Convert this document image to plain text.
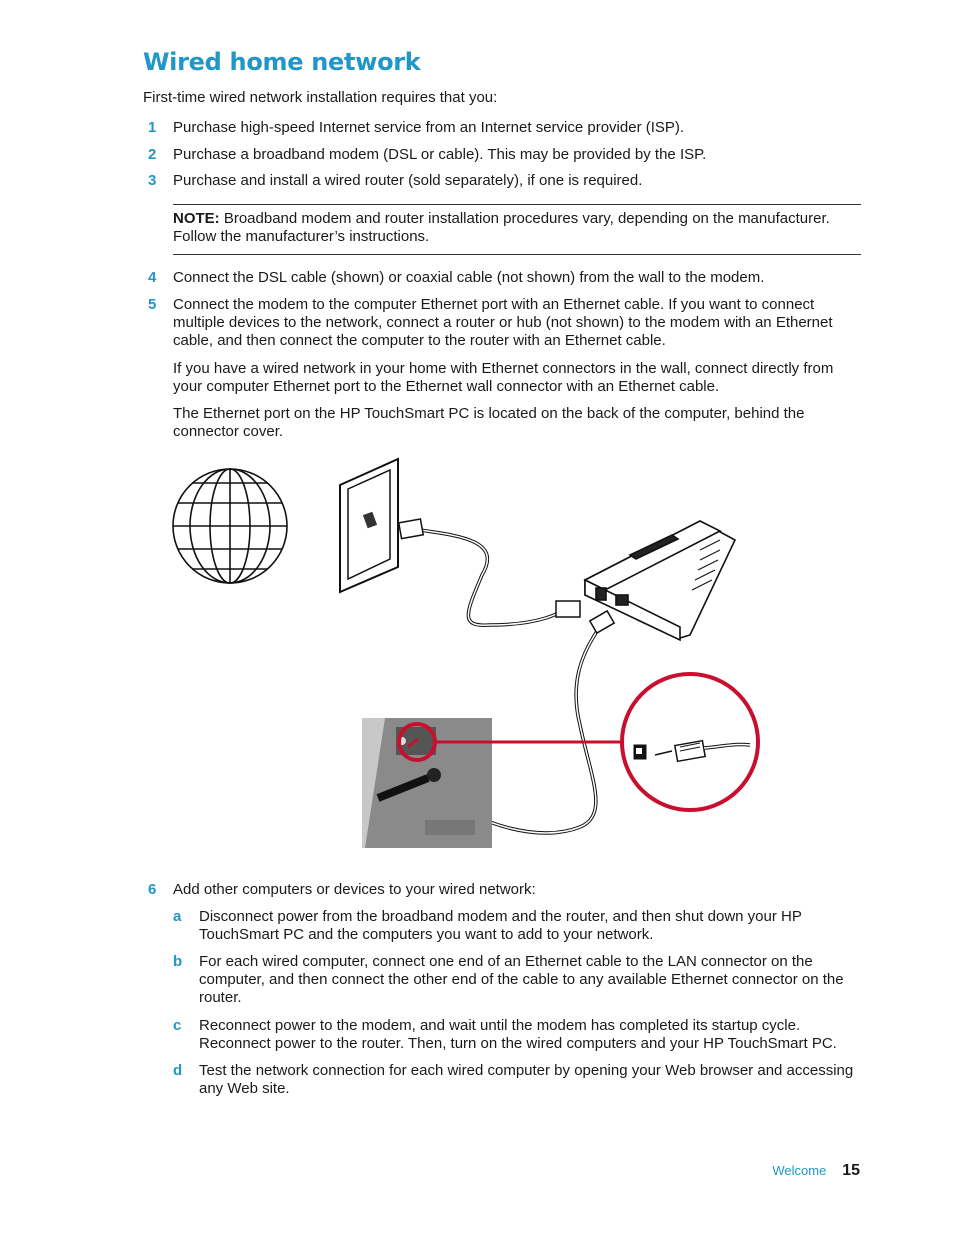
Wired home network
First-time wired network installation requires that you:
1	Purchase high-speed Internet service from an Internet service provider (ISP).
2	Purchase a broadband modem (DSL or cable). This may be provided by the ISP.
3	Purchase and install a wired router (sold separately), if one is required.
NOTE: Broadband modem and router installation procedures vary, depending on the manufacturer. Follow the manufacturer’s instructions.
4	Connect the DSL cable (shown) or coaxial cable (not shown) from the wall to the modem.
5	Connect the modem to the computer Ethernet port with an Ethernet cable. If you want to connect multiple devices to the network, connect a router or hub (not shown) to the modem with an Ethernet cable, and then connect the computer to the router with an Ethernet cable.
If you have a wired network in your home with Ethernet connectors in the wall, connect directly from your computer Ethernet port to the Ethernet wall connector with an Ethernet cable.
The Ethernet port on the HP TouchSmart PC is located on the back of the computer, behind the connector cover.
6	Add other computers or devices to your wired network:
a Disconnect power from the broadband modem and the router, and then shut down your HP TouchSmart PC and the computers you want to add to your network.
b For each wired computer, connect one end of an Ethernet cable to the LAN connector on the computer, and then connect the other end of the cable to any available Ethernet connector on the router.
c Reconnect power to the modem, and wait until the modem has completed its startup cycle. Reconnect power to the router. Then, turn on the wired computers and your HP TouchSmart PC.
d Test the network connection for each wired computer by opening your Web browser and accessing any Web site.
Welcome 15
